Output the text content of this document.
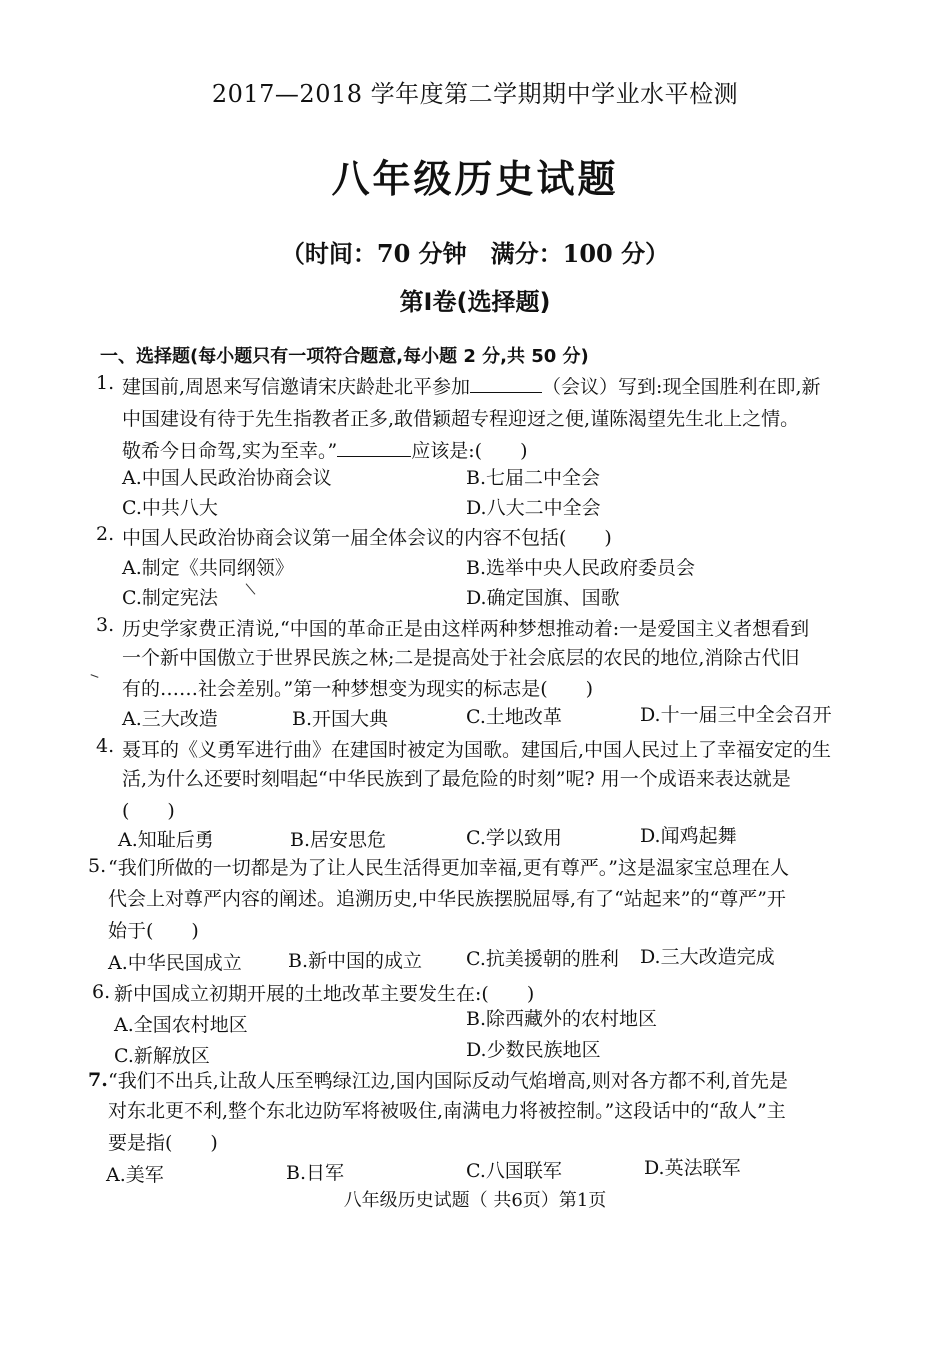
2017—2018 学年度第二学期期中学业水平检测
八年级历史试题
（时间：70 分钟　满分：100 分）
第Ⅰ卷(选择题)
一、选择题(每小题只有一项符合题意,每小题 2 分,共 50 分)
1. 建国前,周恩来写信邀请宋庆龄赴北平参加	（会议）写到:现全国胜利在即,新
中国建设有待于先生指教者正多,敢借颖超专程迎迓之便,谨陈渴望先生北上之情。
敬希今日命驾,实为至幸。”	应该是:(　　)
A.中国人民政治协商会议	B.七届二中全会
C.中共八大	D.八大二中全会
2. 中国人民政治协商会议第一届全体会议的内容不包括(　　)
A.制定《共同纲领》	B.选举中央人民政府委员会
C.制定宪法	D.确定国旗、国歌
3. 历史学家费正清说,“中国的革命正是由这样两种梦想推动着:一是爱国主义者想看到
一个新中国傲立于世界民族之林;二是提高处于社会底层的农民的地位,消除古代旧
有的……社会差别。”第一种梦想变为现实的标志是(　　)
A.三大改造	B.开国大典	C.土地改革	D.十一届三中全会召开
4. 聂耳的《义勇军进行曲》在建国时被定为国歌。建国后,中国人民过上了幸福安定的生
活,为什么还要时刻唱起“中华民族到了最危险的时刻”呢? 用一个成语来表达就是
(　　)
A.知耻后勇	B.居安思危	C.学以致用	D.闻鸡起舞
5. “我们所做的一切都是为了让人民生活得更加幸福,更有尊严。”这是温家宝总理在人
代会上对尊严内容的阐述。追溯历史,中华民族摆脱屈辱,有了“站起来”的“尊严”开
始于(　　)
A.中华民国成立 B.新中国的成立 C.抗美援朝的胜利 D.三大改造完成
6. 新中国成立初期开展的土地改革主要发生在:(　　)
A.全国农村地区	B.除西藏外的农村地区
C.新解放区	D.少数民族地区
7. “我们不出兵,让敌人压至鸭绿江边,国内国际反动气焰增高,则对各方都不利,首先是
对东北更不利,整个东北边防军将被吸住,南满电力将被控制。”这段话中的“敌人”主
要是指(　　)
A.美军	B.日军	C.八国联军	D.英法联军
八年级历史试题（ 共6页）第1页
